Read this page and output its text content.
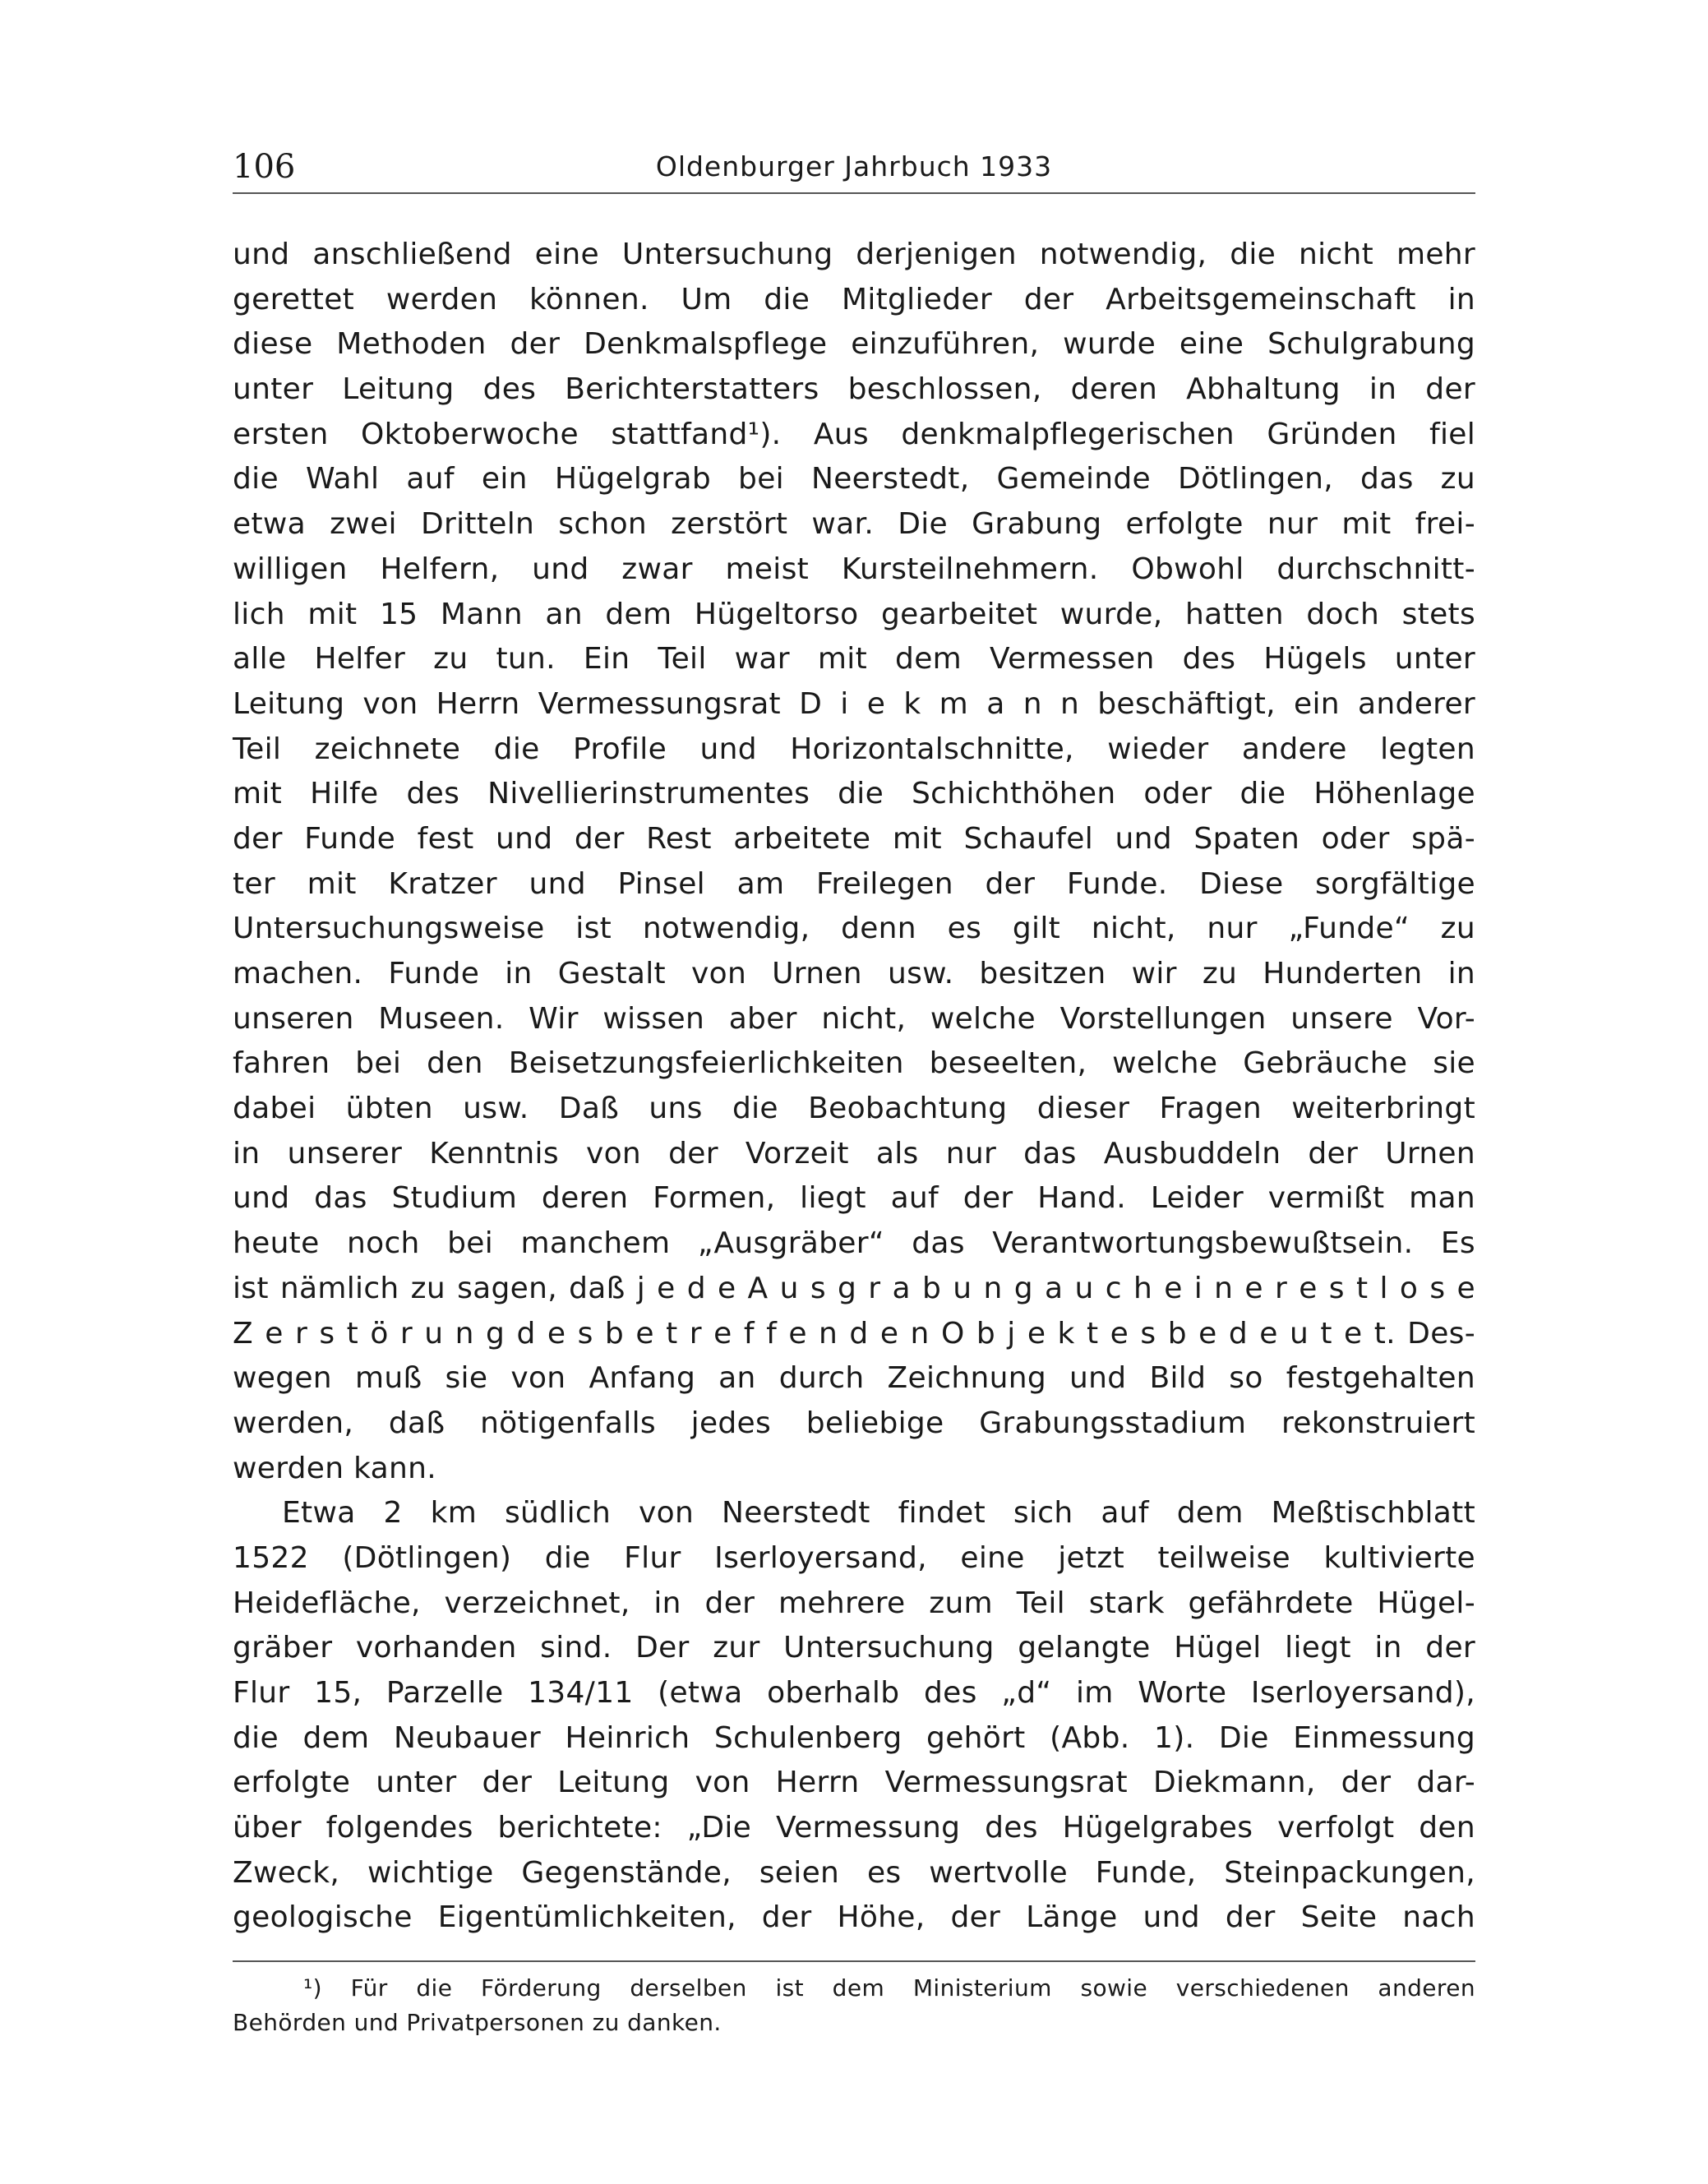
106	Oldenburger Jahrbuch 1933
und anschließend eine Untersuchung derjenigen notwendig, die nicht mehr
gerettet werden können. Um die Mitglieder der Arbeitsgemeinschaft in
diese Methoden der Denkmalspflege einzuführen, wurde eine Schulgrabung
unter Leitung des Berichterstatters beschlossen, deren Abhaltung in der
ersten Oktoberwoche stattfand¹). Aus denkmalpflegerischen Gründen fiel
die Wahl auf ein Hügelgrab bei Neerstedt, Gemeinde Dötlingen, das zu
etwa zwei Dritteln schon zerstört war. Die Grabung erfolgte nur mit frei-
willigen Helfern, und zwar meist Kursteilnehmern. Obwohl durchschnitt-
lich mit 15 Mann an dem Hügeltorso gearbeitet wurde, hatten doch stets
alle Helfer zu tun. Ein Teil war mit dem Vermessen des Hügels unter
Leitung von Herrn Vermessungsrat D i e k m a n n beschäftigt, ein anderer
Teil zeichnete die Profile und Horizontalschnitte, wieder andere legten
mit Hilfe des Nivellierinstrumentes die Schichthöhen oder die Höhenlage
der Funde fest und der Rest arbeitete mit Schaufel und Spaten oder spä-
ter mit Kratzer und Pinsel am Freilegen der Funde. Diese sorgfältige
Untersuchungsweise ist notwendig, denn es gilt nicht, nur „Funde“ zu
machen. Funde in Gestalt von Urnen usw. besitzen wir zu Hunderten in
unseren Museen. Wir wissen aber nicht, welche Vorstellungen unsere Vor-
fahren bei den Beisetzungsfeierlichkeiten beseelten, welche Gebräuche sie
dabei übten usw. Daß uns die Beobachtung dieser Fragen weiterbringt
in unserer Kenntnis von der Vorzeit als nur das Ausbuddeln der Urnen
und das Studium deren Formen, liegt auf der Hand. Leider vermißt man
heute noch bei manchem „Ausgräber“ das Verantwortungsbewußtsein. Es
ist nämlich zu sagen, daß j e d e A u s g r a b u n g a u c h e i n e r e s t l o s e
Z e r s t ö r u n g d e s b e t r e f f e n d e n O b j e k t e s b e d e u t e t. Des-
wegen muß sie von Anfang an durch Zeichnung und Bild so festgehalten
werden, daß nötigenfalls jedes beliebige Grabungsstadium rekonstruiert
werden kann.
Etwa 2 km südlich von Neerstedt findet sich auf dem Meßtischblatt
1522 (Dötlingen) die Flur Iserloyersand, eine jetzt teilweise kultivierte
Heidefläche, verzeichnet, in der mehrere zum Teil stark gefährdete Hügel-
gräber vorhanden sind. Der zur Untersuchung gelangte Hügel liegt in der
Flur 15, Parzelle 134/11 (etwa oberhalb des „d“ im Worte Iserloyersand),
die dem Neubauer Heinrich Schulenberg gehört (Abb. 1). Die Einmessung
erfolgte unter der Leitung von Herrn Vermessungsrat Diekmann, der dar-
über folgendes berichtete: „Die Vermessung des Hügelgrabes verfolgt den
Zweck, wichtige Gegenstände, seien es wertvolle Funde, Steinpackungen,
geologische Eigentümlichkeiten, der Höhe, der Länge und der Seite nach
¹) Für die Förderung derselben ist dem Ministerium sowie verschiedenen anderen
Behörden und Privatpersonen zu danken.
